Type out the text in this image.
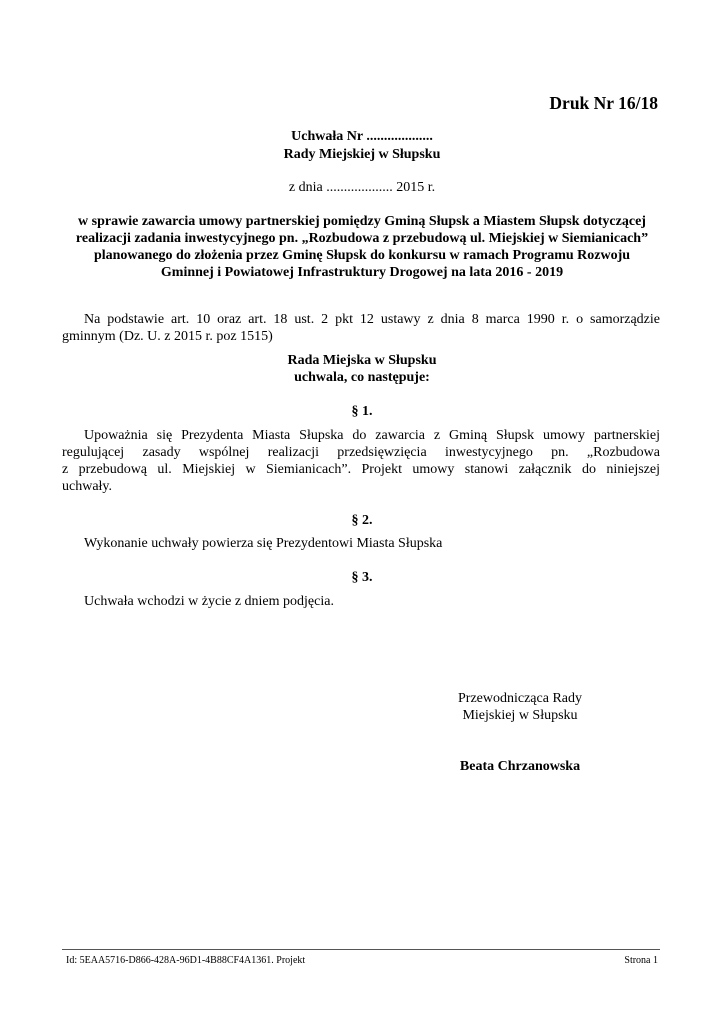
Druk Nr 16/18
Uchwała Nr ...................
Rady Miejskiej w Słupsku
z dnia ................... 2015 r.
w sprawie zawarcia umowy partnerskiej pomiędzy Gminą Słupsk a Miastem Słupsk dotyczącej
realizacji zadania inwestycyjnego pn. „Rozbudowa z przebudową ul. Miejskiej w Siemianicach”
planowanego do złożenia przez Gminę Słupsk do konkursu w ramach Programu Rozwoju
Gminnej i Powiatowej Infrastruktury Drogowej na lata 2016 - 2019
Na podstawie art. 10 oraz art. 18 ust. 2 pkt 12 ustawy z dnia 8 marca 1990 r. o samorządzie
gminnym (Dz. U. z 2015 r. poz 1515)
Rada Miejska w Słupsku
uchwala, co następuje:
§ 1.
Upoważnia się Prezydenta Miasta Słupska do zawarcia z Gminą Słupsk umowy partnerskiej
regulującej zasady wspólnej realizacji przedsięwzięcia inwestycyjnego pn. „Rozbudowa
z przebudową ul. Miejskiej w Siemianicach”. Projekt umowy stanowi załącznik do niniejszej
uchwały.
§ 2.
Wykonanie uchwały powierza się Prezydentowi Miasta Słupska
§ 3.
Uchwała wchodzi w życie z dniem podjęcia.
Przewodnicząca Rady
Miejskiej w Słupsku
Beata Chrzanowska
Id: 5EAA5716-D866-428A-96D1-4B88CF4A1361. Projekt	Strona 1
